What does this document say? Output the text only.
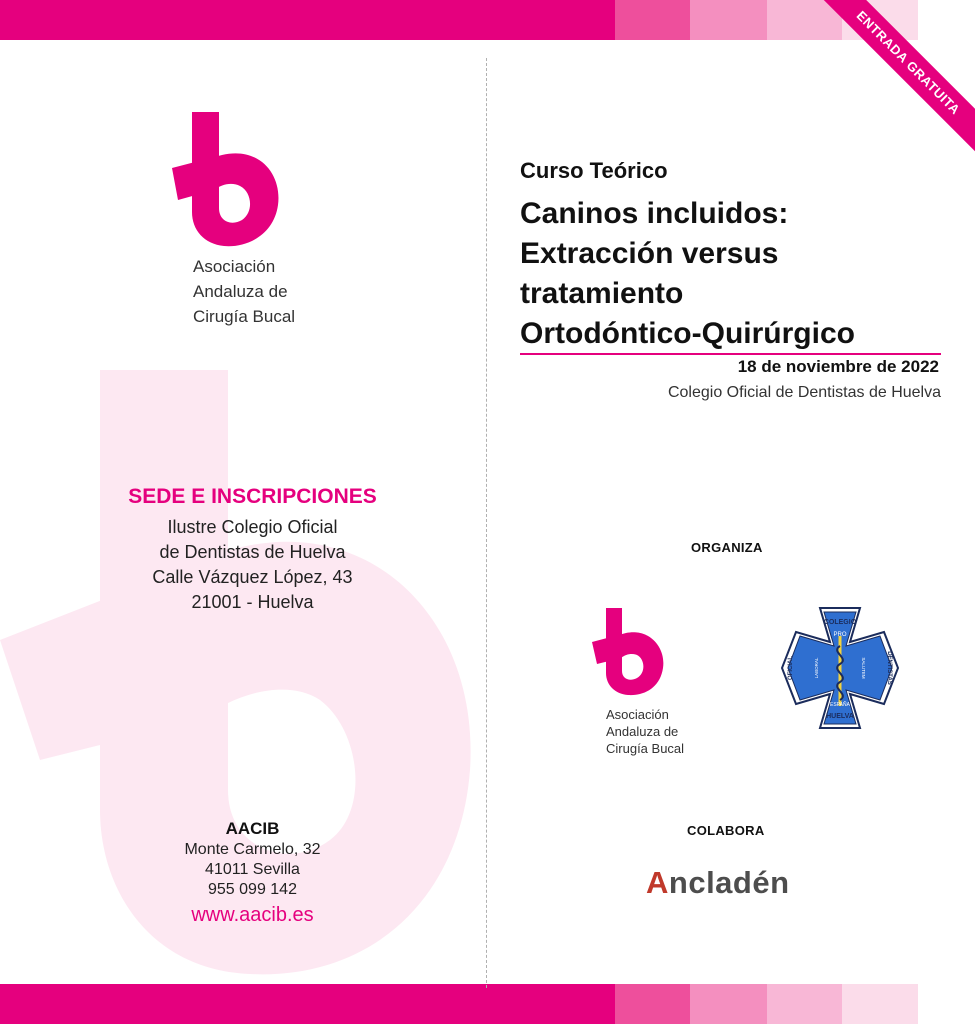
ENTRADA GRATUITA
Asociación
Andaluza de
Cirugía Bucal
SEDE E INSCRIPCIONES
Ilustre Colegio Oficial
de Dentistas de Huelva
Calle Vázquez López, 43
21001 - Huelva
AACIB
Monte Carmelo, 32
41011 Sevilla
955 099 142
www.aacib.es
Curso Teórico
Caninos incluidos:
Extracción versus
tratamiento
Ortodóntico-Quirúrgico
18 de noviembre de 2022
Colegio Oficial de Dentistas de Huelva
ORGANIZA
Asociación
Andaluza de
Cirugía Bucal
COLEGIO
PRO
OFICIAL	DENTISTAS
LABORAL	SALUTEM
ESPAÑA
HUELVA
COLABORA
Ancladén
